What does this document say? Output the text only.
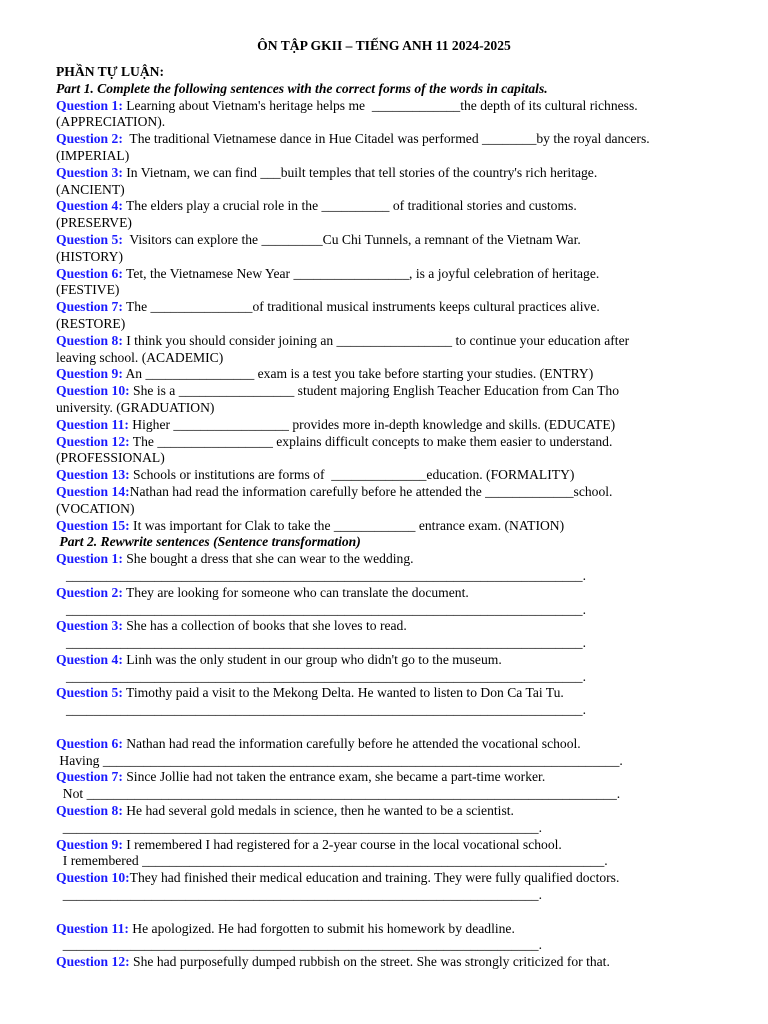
ÔN TẬP GKII – TIẾNG ANH 11 2024-2025
PHẦN TỰ LUẬN:
Part 1. Complete the following sentences with the correct forms of the words in capitals.
Question 1: Learning about Vietnam's heritage helps me  _____________the depth of its cultural richness.
(APPRECIATION).
Question 2:  The traditional Vietnamese dance in Hue Citadel was performed ________by the royal dancers.
(IMPERIAL)
Question 3: In Vietnam, we can find ___built temples that tell stories of the country's rich heritage.
(ANCIENT)
Question 4: The elders play a crucial role in the __________ of traditional stories and customs.
(PRESERVE)
Question 5:  Visitors can explore the _________Cu Chi Tunnels, a remnant of the Vietnam War.
(HISTORY)
Question 6: Tet, the Vietnamese New Year _________________, is a joyful celebration of heritage.
(FESTIVE)
Question 7: The _______________of traditional musical instruments keeps cultural practices alive.
(RESTORE)
Question 8: I think you should consider joining an _________________ to continue your education after
leaving school. (ACADEMIC)
Question 9: An ________________ exam is a test you take before starting your studies. (ENTRY)
Question 10: She is a _________________ student majoring English Teacher Education from Can Tho
university. (GRADUATION)
Question 11: Higher _________________ provides more in-depth knowledge and skills. (EDUCATE)
Question 12: The _________________ explains difficult concepts to make them easier to understand.
(PROFESSIONAL)
Question 13: Schools or institutions are forms of  ______________education. (FORMALITY)
Question 14:Nathan had read the information carefully before he attended the _____________school.
(VOCATION)
Question 15: It was important for Clak to take the ____________ entrance exam. (NATION)
Part 2. Rewwrite sentences (Sentence transformation)
Question 1: She bought a dress that she can wear to the wedding.
____________________________________________________________________________.
Question 2: They are looking for someone who can translate the document.
____________________________________________________________________________.
Question 3: She has a collection of books that she loves to read.
____________________________________________________________________________.
Question 4: Linh was the only student in our group who didn't go to the museum.
____________________________________________________________________________.
Question 5: Timothy paid a visit to the Mekong Delta. He wanted to listen to Don Ca Tai Tu.
____________________________________________________________________________.
Question 6: Nathan had read the information carefully before he attended the vocational school.
Having ____________________________________________________________________________.
Question 7: Since Jollie had not taken the entrance exam, she became a part-time worker.
Not ______________________________________________________________________________.
Question 8: He had several gold medals in science, then he wanted to be a scientist.
______________________________________________________________________.
Question 9: I remembered I had registered for a 2-year course in the local vocational school.
I remembered ____________________________________________________________________.
Question 10:They had finished their medical education and training. They were fully qualified doctors.
______________________________________________________________________.
Question 11: He apologized. He had forgotten to submit his homework by deadline.
______________________________________________________________________.
Question 12: She had purposefully dumped rubbish on the street. She was strongly criticized for that.
